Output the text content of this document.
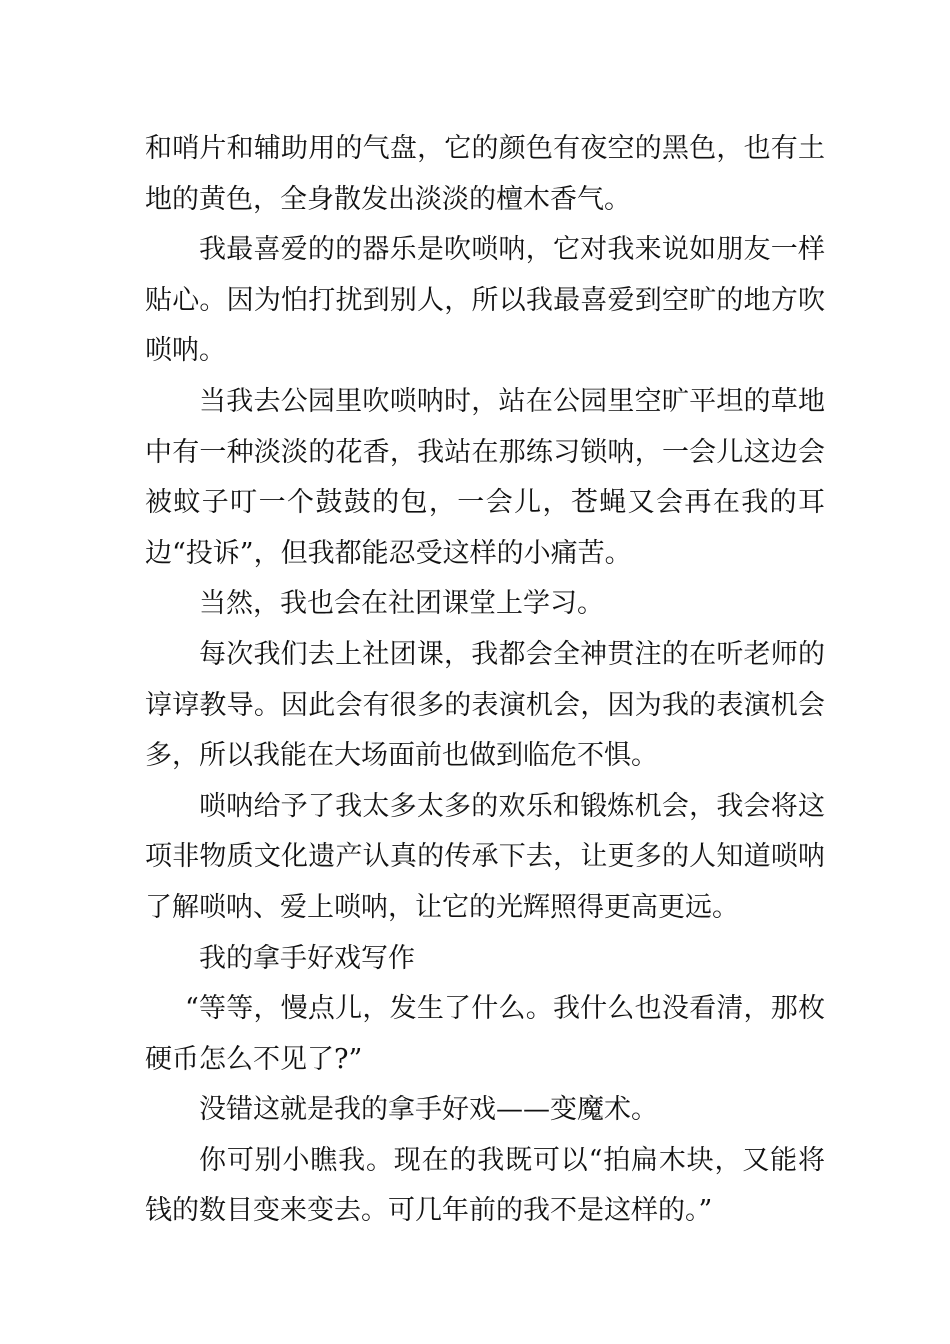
和哨片和辅助用的气盘，它的颜色有夜空的黑色，也有土地的黄色，全身散发出淡淡的檀木香气。

我最喜爱的的器乐是吹唢呐，它对我来说如朋友一样贴心。因为怕打扰到别人，所以我最喜爱到空旷的地方吹唢呐。

当我去公园里吹唢呐时，站在公园里空旷平坦的草地中有一种淡淡的花香，我站在那练习锁呐，一会儿这边会被蚊子叮一个鼓鼓的包，一会儿，苍蝇又会再在我的耳边“投诉”，但我都能忍受这样的小痛苦。

当然，我也会在社团课堂上学习。

每次我们去上社团课，我都会全神贯注的在听老师的谆谆教导。因此会有很多的表演机会，因为我的表演机会多，所以我能在大场面前也做到临危不惧。

唢呐给予了我太多太多的欢乐和锻炼机会，我会将这项非物质文化遗产认真的传承下去，让更多的人知道唢呐了解唢呐、爱上唢呐，让它的光辉照得更高更远。

我的拿手好戏写作

“等等，慢点儿，发生了什么。我什么也没看清，那枚硬币怎么不见了?”

没错这就是我的拿手好戏——变魔术。

你可别小瞧我。现在的我既可以“拍扁木块，又能将钱的数目变来变去。可几年前的我不是这样的。”
